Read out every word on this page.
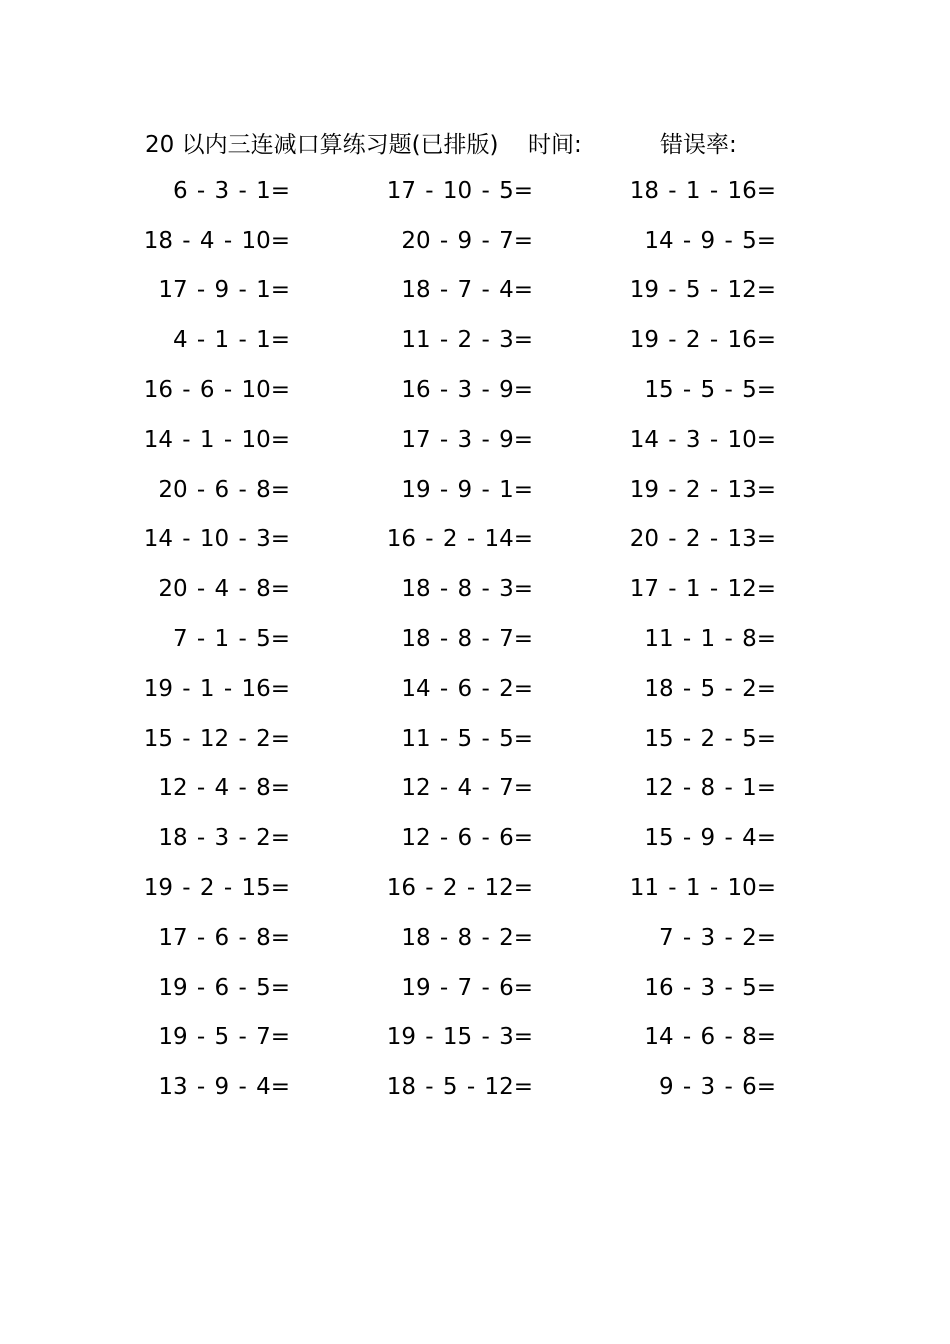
20 以内三连减口算练习题(已排版) 时间:	错误率:
6 - 3 - 1=	17 - 10 - 5=	18 - 1 - 16=
18 - 4 - 10=	20 - 9 - 7=	14 - 9 - 5=
17 - 9 - 1=	18 - 7 - 4=	19 - 5 - 12=
4 - 1 - 1=	11 - 2 - 3=	19 - 2 - 16=
16 - 6 - 10=	16 - 3 - 9=	15 - 5 - 5=
14 - 1 - 10=	17 - 3 - 9=	14 - 3 - 10=
20 - 6 - 8=	19 - 9 - 1=	19 - 2 - 13=
14 - 10 - 3=	16 - 2 - 14=	20 - 2 - 13=
20 - 4 - 8=	18 - 8 - 3=	17 - 1 - 12=
7 - 1 - 5=	18 - 8 - 7=	11 - 1 - 8=
19 - 1 - 16=	14 - 6 - 2=	18 - 5 - 2=
15 - 12 - 2=	11 - 5 - 5=	15 - 2 - 5=
12 - 4 - 8=	12 - 4 - 7=	12 - 8 - 1=
18 - 3 - 2=	12 - 6 - 6=	15 - 9 - 4=
19 - 2 - 15=	16 - 2 - 12=	11 - 1 - 10=
17 - 6 - 8=	18 - 8 - 2=	7 - 3 - 2=
19 - 6 - 5=	19 - 7 - 6=	16 - 3 - 5=
19 - 5 - 7=	19 - 15 - 3=	14 - 6 - 8=
13 - 9 - 4=	18 - 5 - 12=	9 - 3 - 6=
